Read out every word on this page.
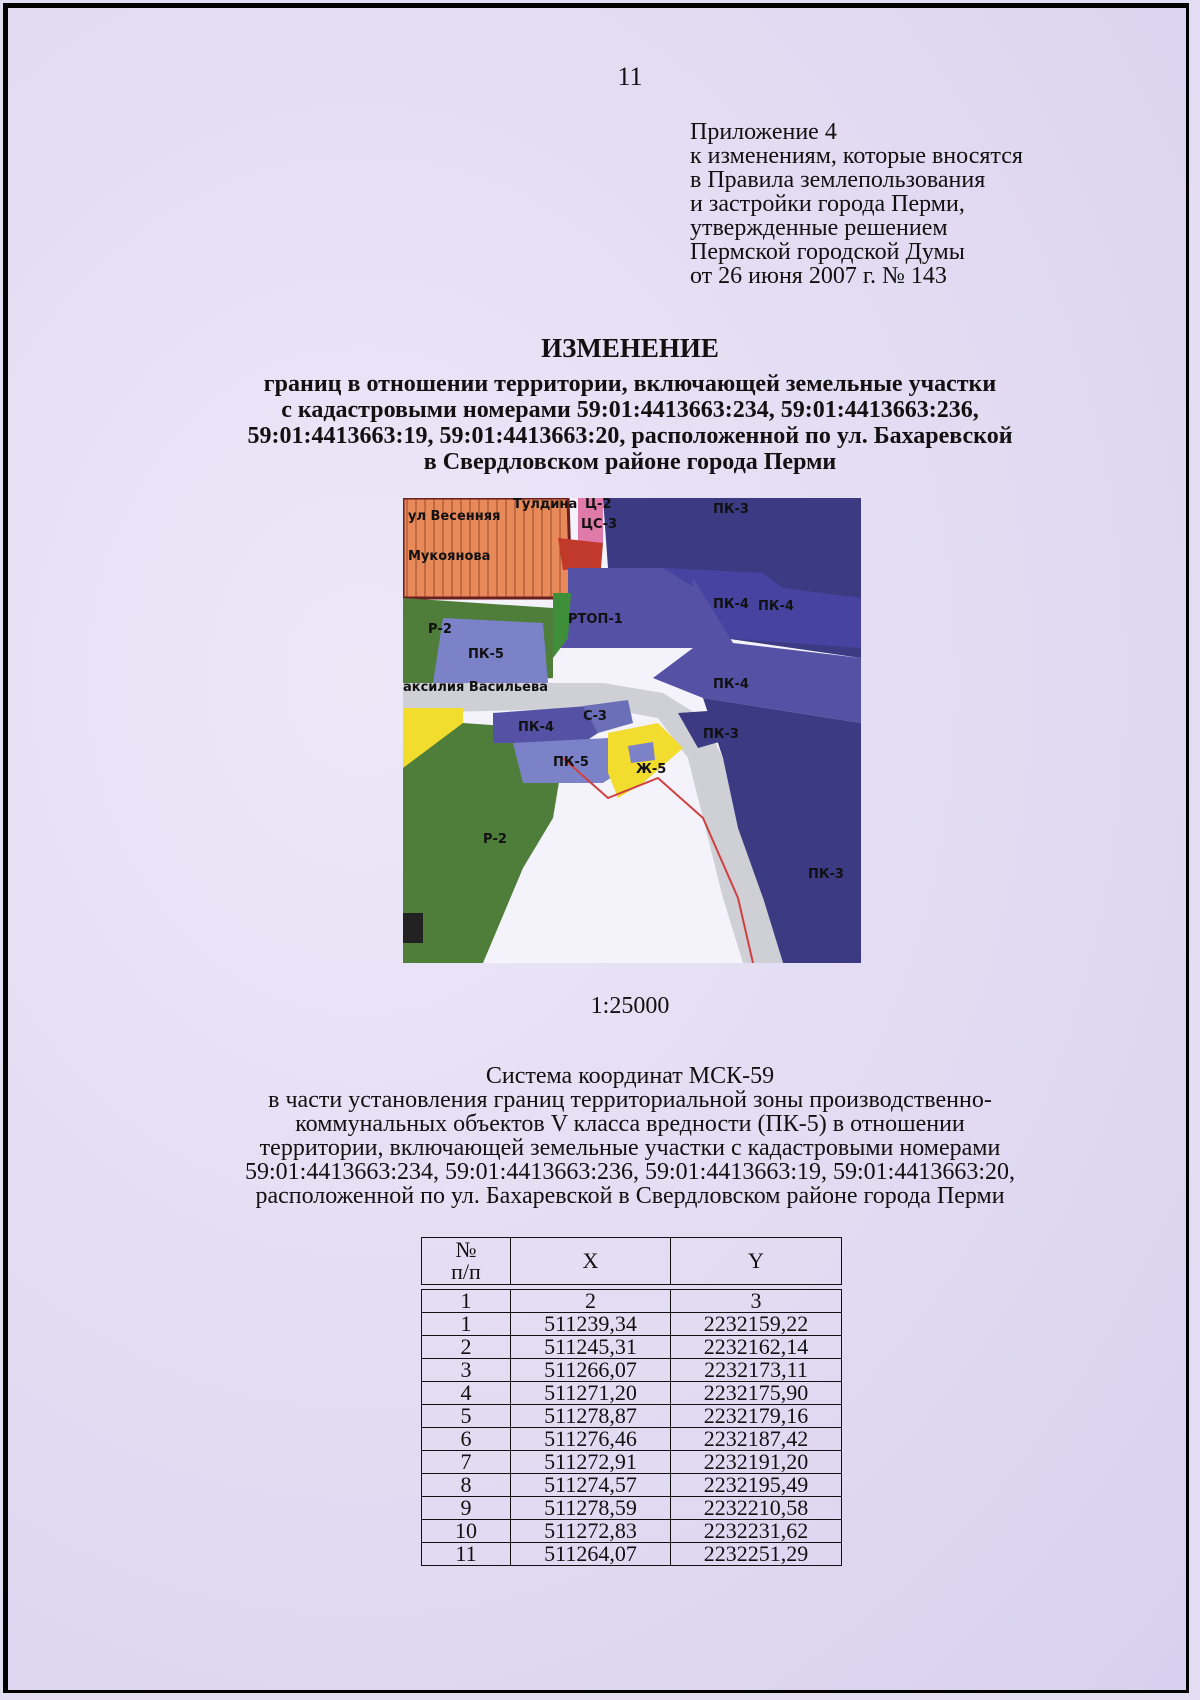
11
Приложение 4
к изменениям, которые вносятся
в Правила землепользования
и застройки города Перми,
утвержденные решением
Пермской городской Думы
от 26 июня 2007 г. № 143
ИЗМЕНЕНИЕ
границ в отношении территории, включающей земельные участки
с кадастровыми номерами 59:01:4413663:234, 59:01:4413663:236,
59:01:4413663:19, 59:01:4413663:20, расположенной по ул. Бахаревской
в Свердловском районе города Перми
ул Весенняя
Мукоянова
Тулдина Ц-2
ЦС-3
ПК-3
ПК-4 ПК-4
РТОП-1
Р-2
ПК-5
аксилия Васильева	ПК-4
С-3
ПК-4	ПК-3
ПК-5	Ж-5
Р-2
ПК-3
1:25000
Система координат МСК-59
в части установления границ территориальной зоны производственно-
коммунальных объектов V класса вредности (ПК-5) в отношении
территории, включающей земельные участки с кадастровыми номерами
59:01:4413663:234, 59:01:4413663:236, 59:01:4413663:19, 59:01:4413663:20,
расположенной по ул. Бахаревской в Свердловском районе города Перми
№
п/п	X	Y

1	2	3
1	511239,34	2232159,22
2	511245,31	2232162,14
3	511266,07	2232173,11
4	511271,20	2232175,90
5	511278,87	2232179,16
6	511276,46	2232187,42
7	511272,91	2232191,20
8	511274,57	2232195,49
9	511278,59	2232210,58
10	511272,83	2232231,62
11	511264,07	2232251,29
